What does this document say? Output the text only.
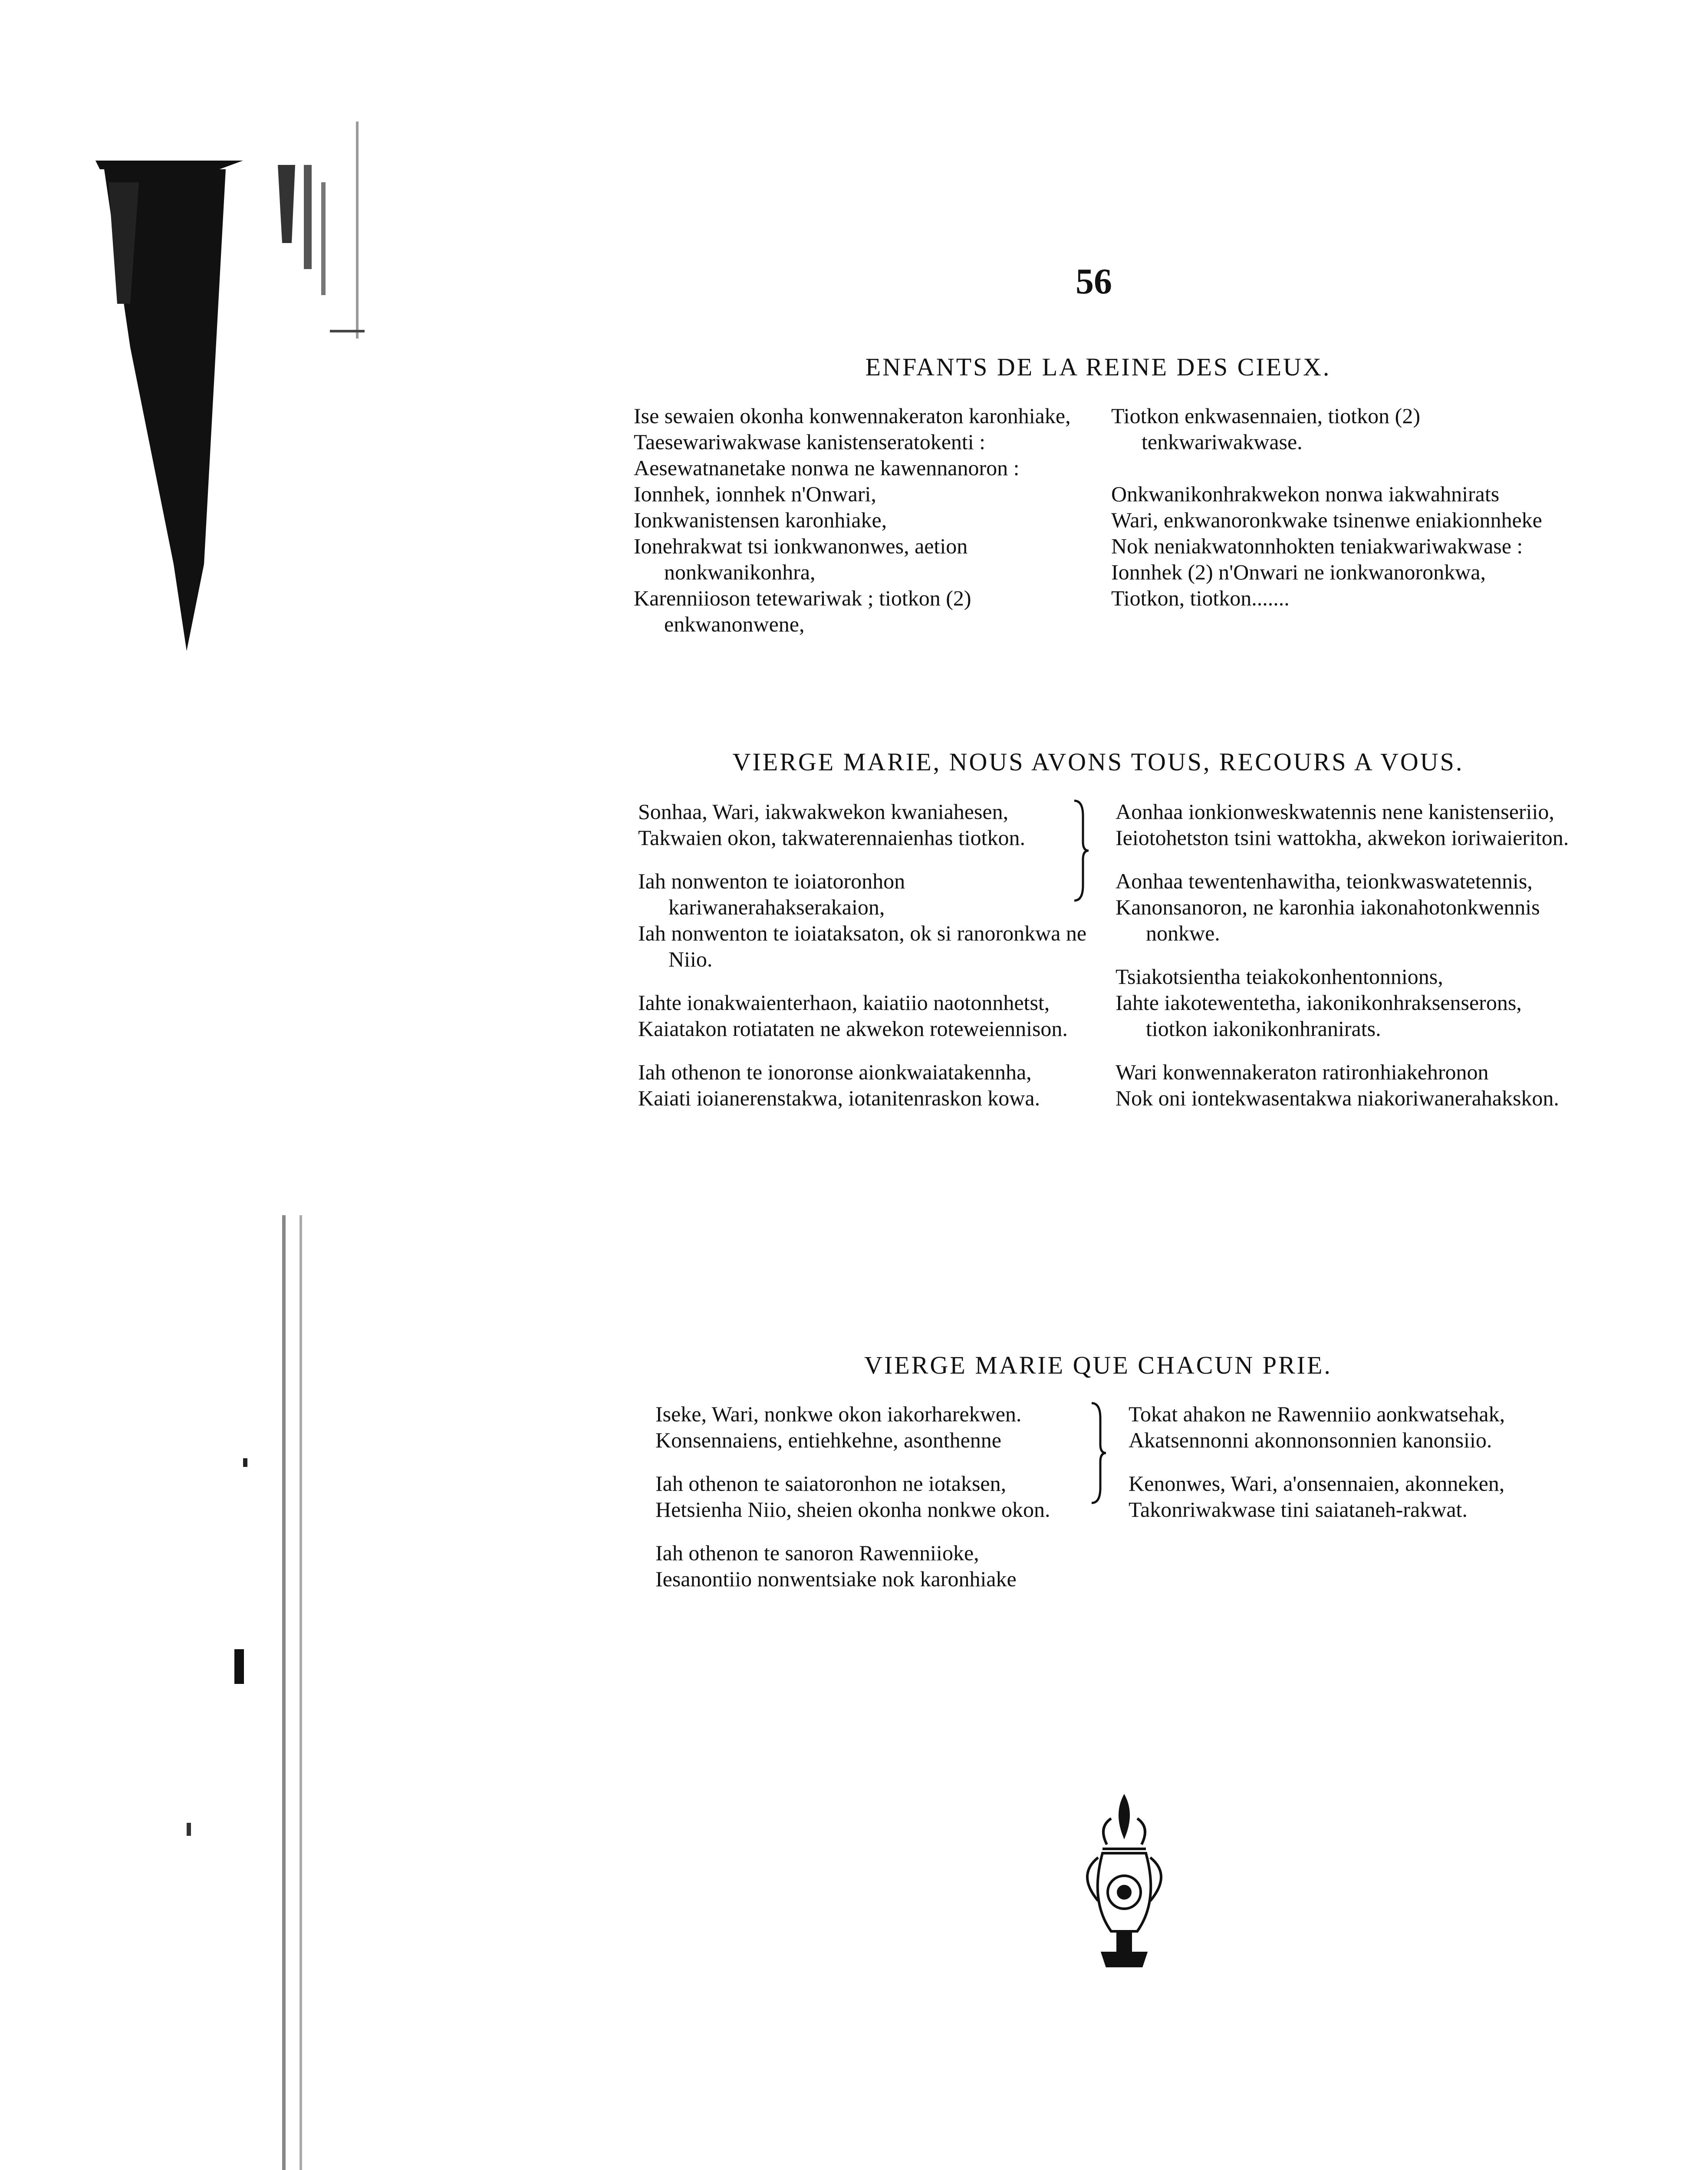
56
ENFANTS DE LA REINE DES CIEUX.
Ise sewaien okonha konwennakeraton karonhiake,
Taesewariwakwase kanistenseratokenti :
Aesewatnanetake nonwa ne kawennanoron :
Ionnhek, ionnhek n'Onwari,
Ionkwanistensen karonhiake,
Ionehrakwat tsi ionkwanonwes, aetion nonkwanikonhra,
Karenniioson tetewariwak ; tiotkon (2) enkwanonwene,
Tiotkon enkwasennaien, tiotkon (2) tenkwariwakwase.
Onkwanikonhrakwekon nonwa iakwahnirats
Wari, enkwanoronkwake tsinenwe eniakionnheke
Nok neniakwatonnhokten teniakwariwakwase :
Ionnhek (2) n'Onwari ne ionkwanoronkwa,
Tiotkon, tiotkon.......
VIERGE MARIE, NOUS AVONS TOUS, RECOURS A VOUS.
Sonhaa, Wari, iakwakwekon kwaniahesen,
Takwaien okon, takwaterennaienhas tiotkon.
Iah nonwenton te ioiatoronhon kariwanerahakserakaion,
Iah nonwenton te ioiataksaton, ok si ranoronkwa ne Niio.
Iahte ionakwaienterhaon, kaiatiio naotonnhetst,
Kaiatakon rotiataten ne akwekon roteweiennison.
Iah othenon te ionoronse aionkwaiatakennha,
Kaiati ioianerenstakwa, iotanitenraskon kowa.
Aonhaa ionkionweskwatennis nene kanistenseriio,
Ieiotohetston tsini wattokha, akwekon ioriwaieriton.
Aonhaa tewentenhawitha, teionkwaswatetennis,
Kanonsanoron, ne karonhia iakonahotonkwennis nonkwe.
Tsiakotsientha teiakokonhentonnions,
Iahte iakotewentetha, iakonikonhraksenserons, tiotkon iakonikonhranirats.
Wari konwennakeraton ratironhiakehronon
Nok oni iontekwasentakwa niakoriwanerahakskon.
VIERGE MARIE QUE CHACUN PRIE.
Iseke, Wari, nonkwe okon iakorharekwen.
Konsennaiens, entiehkehne, asonthenne
Iah othenon te saiatoronhon ne iotaksen,
Hetsienha Niio, sheien okonha nonkwe okon.
Iah othenon te sanoron Rawenniioke,
Iesanontiio nonwentsiake nok karonhiake
Tokat ahakon ne Rawenniio aonkwatsehak,
Akatsennonni akonnonsonnien kanonsiio.
Kenonwes, Wari, a'onsennaien, akonneken,
Takonriwakwase tini saiataneh-rakwat.
